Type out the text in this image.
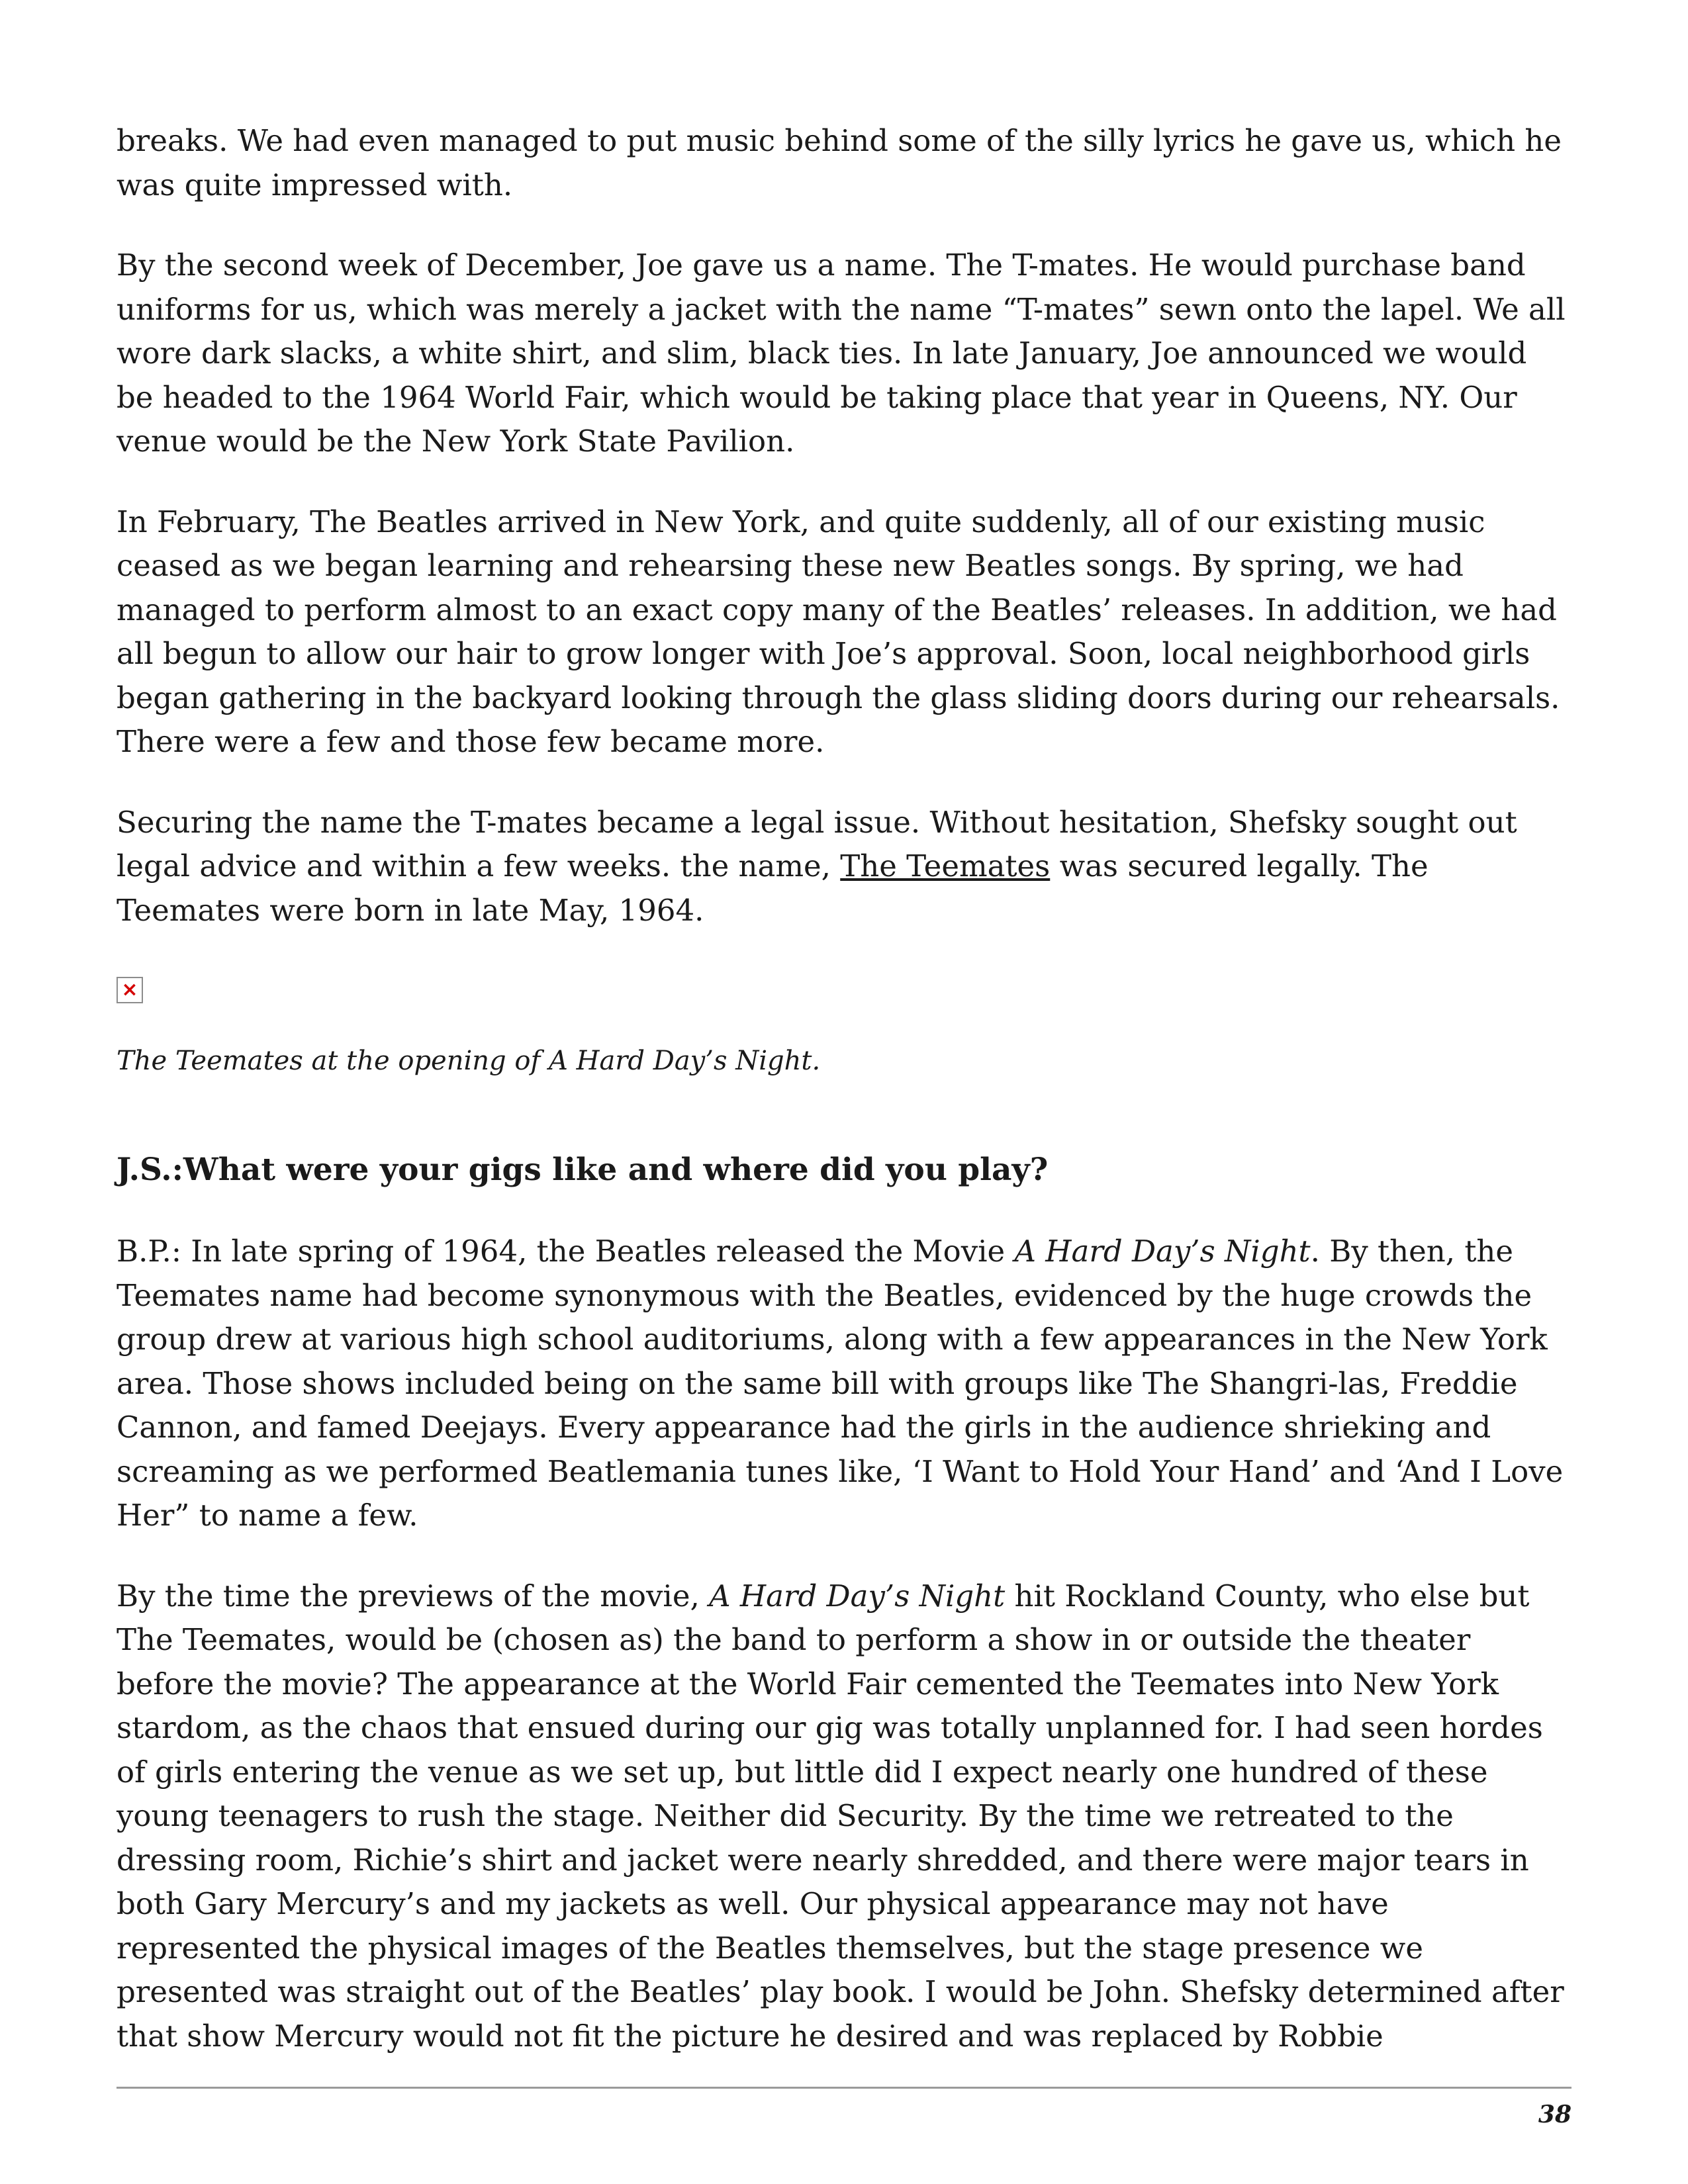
breaks. We had even managed to put music behind some of the silly lyrics he gave us, which he was quite impressed with.

By the second week of December, Joe gave us a name. The T-mates. He would purchase band uniforms for us, which was merely a jacket with the name “T-mates” sewn onto the lapel. We all wore dark slacks, a white shirt, and slim, black ties. In late January, Joe announced we would be headed to the 1964 World Fair, which would be taking place that year in Queens, NY. Our venue would be the New York State Pavilion.

In February, The Beatles arrived in New York, and quite suddenly, all of our existing music ceased as we began learning and rehearsing these new Beatles songs. By spring, we had managed to perform almost to an exact copy many of the Beatles’ releases. In addition, we had all begun to allow our hair to grow longer with Joe’s approval. Soon, local neighborhood girls began gathering in the backyard looking through the glass sliding doors during our rehearsals. There were a few and those few became more.

Securing the name the T-mates became a legal issue. Without hesitation, Shefsky sought out legal advice and within a few weeks. the name, The Teemates was secured legally. The Teemates were born in late May, 1964.

×
The Teemates at the opening of A Hard Day’s Night.
J.S.:What were your gigs like and where did you play?

B.P.: In late spring of 1964, the Beatles released the Movie A Hard Day’s Night. By then, the Teemates name had become synonymous with the Beatles, evidenced by the huge crowds the group drew at various high school auditoriums, along with a few appearances in the New York area. Those shows included being on the same bill with groups like The Shangri-las, Freddie Cannon, and famed Deejays. Every appearance had the girls in the audience shrieking and screaming as we performed Beatlemania tunes like, ‘I Want to Hold Your Hand’ and ‘And I Love Her” to name a few.

By the time the previews of the movie, A Hard Day’s Night hit Rockland County, who else but The Teemates, would be (chosen as) the band to perform a show in or outside the theater before the movie? The appearance at the World Fair cemented the Teemates into New York stardom, as the chaos that ensued during our gig was totally unplanned for. I had seen hordes of girls entering the venue as we set up, but little did I expect nearly one hundred of these young teenagers to rush the stage. Neither did Security. By the time we retreated to the dressing room, Richie’s shirt and jacket were nearly shredded, and there were major tears in both Gary Mercury’s and my jackets as well. Our physical appearance may not have represented the physical images of the Beatles themselves, but the stage presence we presented was straight out of the Beatles’ play book. I would be John. Shefsky determined after that show Mercury would not fit the picture he desired and was replaced by Robbie

38
